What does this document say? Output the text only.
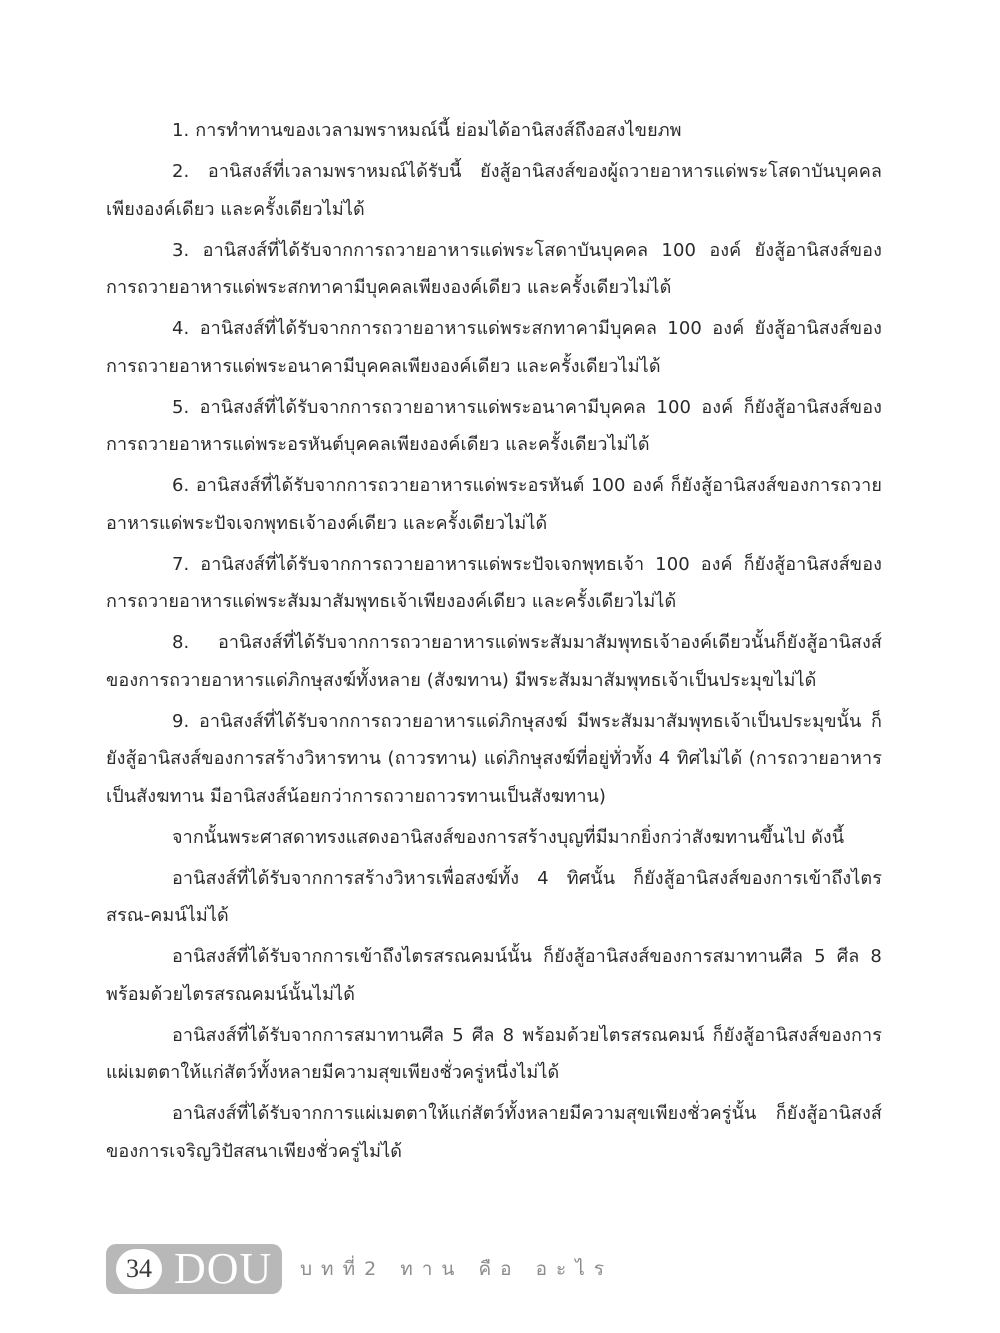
1. การทำทานของเวลามพราหมณ์นี้ ย่อมได้อานิสงส์ถึงอสงไขยภพ

2. อานิสงส์ที่เวลามพราหมณ์ได้รับนี้ ยังสู้อานิสงส์ของผู้ถวายอาหารแด่พระโสดาบันบุคคลเพียงองค์เดียว และครั้งเดียวไม่ได้

3. อานิสงส์ที่ได้รับจากการถวายอาหารแด่พระโสดาบันบุคคล 100 องค์ ยังสู้อานิสงส์ของการถวายอาหารแด่พระสกทาคามีบุคคลเพียงองค์เดียว และครั้งเดียวไม่ได้

4. อานิสงส์ที่ได้รับจากการถวายอาหารแด่พระสกทาคามีบุคคล 100 องค์ ยังสู้อานิสงส์ของการถวายอาหารแด่พระอนาคามีบุคคลเพียงองค์เดียว และครั้งเดียวไม่ได้

5. อานิสงส์ที่ได้รับจากการถวายอาหารแด่พระอนาคามีบุคคล 100 องค์ ก็ยังสู้อานิสงส์ของการถวายอาหารแด่พระอรหันต์บุคคลเพียงองค์เดียว และครั้งเดียวไม่ได้

6. อานิสงส์ที่ได้รับจากการถวายอาหารแด่พระอรหันต์ 100 องค์ ก็ยังสู้อานิสงส์ของการถวายอาหารแด่พระปัจเจกพุทธเจ้าองค์เดียว และครั้งเดียวไม่ได้

7. อานิสงส์ที่ได้รับจากการถวายอาหารแด่พระปัจเจกพุทธเจ้า 100 องค์ ก็ยังสู้อานิสงส์ของการถวายอาหารแด่พระสัมมาสัมพุทธเจ้าเพียงองค์เดียว และครั้งเดียวไม่ได้

8. อานิสงส์ที่ได้รับจากการถวายอาหารแด่พระสัมมาสัมพุทธเจ้าองค์เดียวนั้นก็ยังสู้อานิสงส์ของการถวายอาหารแด่ภิกษุสงฆ์ทั้งหลาย (สังฆทาน) มีพระสัมมาสัมพุทธเจ้าเป็นประมุขไม่ได้

9. อานิสงส์ที่ได้รับจากการถวายอาหารแด่ภิกษุสงฆ์ มีพระสัมมาสัมพุทธเจ้าเป็นประมุขนั้น ก็ยังสู้อานิสงส์ของการสร้างวิหารทาน (ถาวรทาน) แด่ภิกษุสงฆ์ที่อยู่ทั่วทั้ง 4 ทิศไม่ได้ (การถวายอาหารเป็นสังฆทาน มีอานิสงส์น้อยกว่าการถวายถาวรทานเป็นสังฆทาน)

จากนั้นพระศาสดาทรงแสดงอานิสงส์ของการสร้างบุญที่มีมากยิ่งกว่าสังฆทานขึ้นไป ดังนี้

อานิสงส์ที่ได้รับจากการสร้างวิหารเพื่อสงฆ์ทั้ง 4 ทิศนั้น ก็ยังสู้อานิสงส์ของการเข้าถึงไตรสรณ-คมน์ไม่ได้

อานิสงส์ที่ได้รับจากการเข้าถึงไตรสรณคมน์นั้น ก็ยังสู้อานิสงส์ของการสมาทานศีล 5 ศีล 8 พร้อมด้วยไตรสรณคมน์นั้นไม่ได้

อานิสงส์ที่ได้รับจากการสมาทานศีล 5 ศีล 8 พร้อมด้วยไตรสรณคมน์ ก็ยังสู้อานิสงส์ของการแผ่เมตตาให้แก่สัตว์ทั้งหลายมีความสุขเพียงชั่วครู่หนึ่งไม่ได้

อานิสงส์ที่ได้รับจากการแผ่เมตตาให้แก่สัตว์ทั้งหลายมีความสุขเพียงชั่วครู่นั้น ก็ยังสู้อานิสงส์ของการเจริญวิปัสสนาเพียงชั่วครู่ไม่ได้

34 DOU บทที่2 ทาน คือ อะไร
